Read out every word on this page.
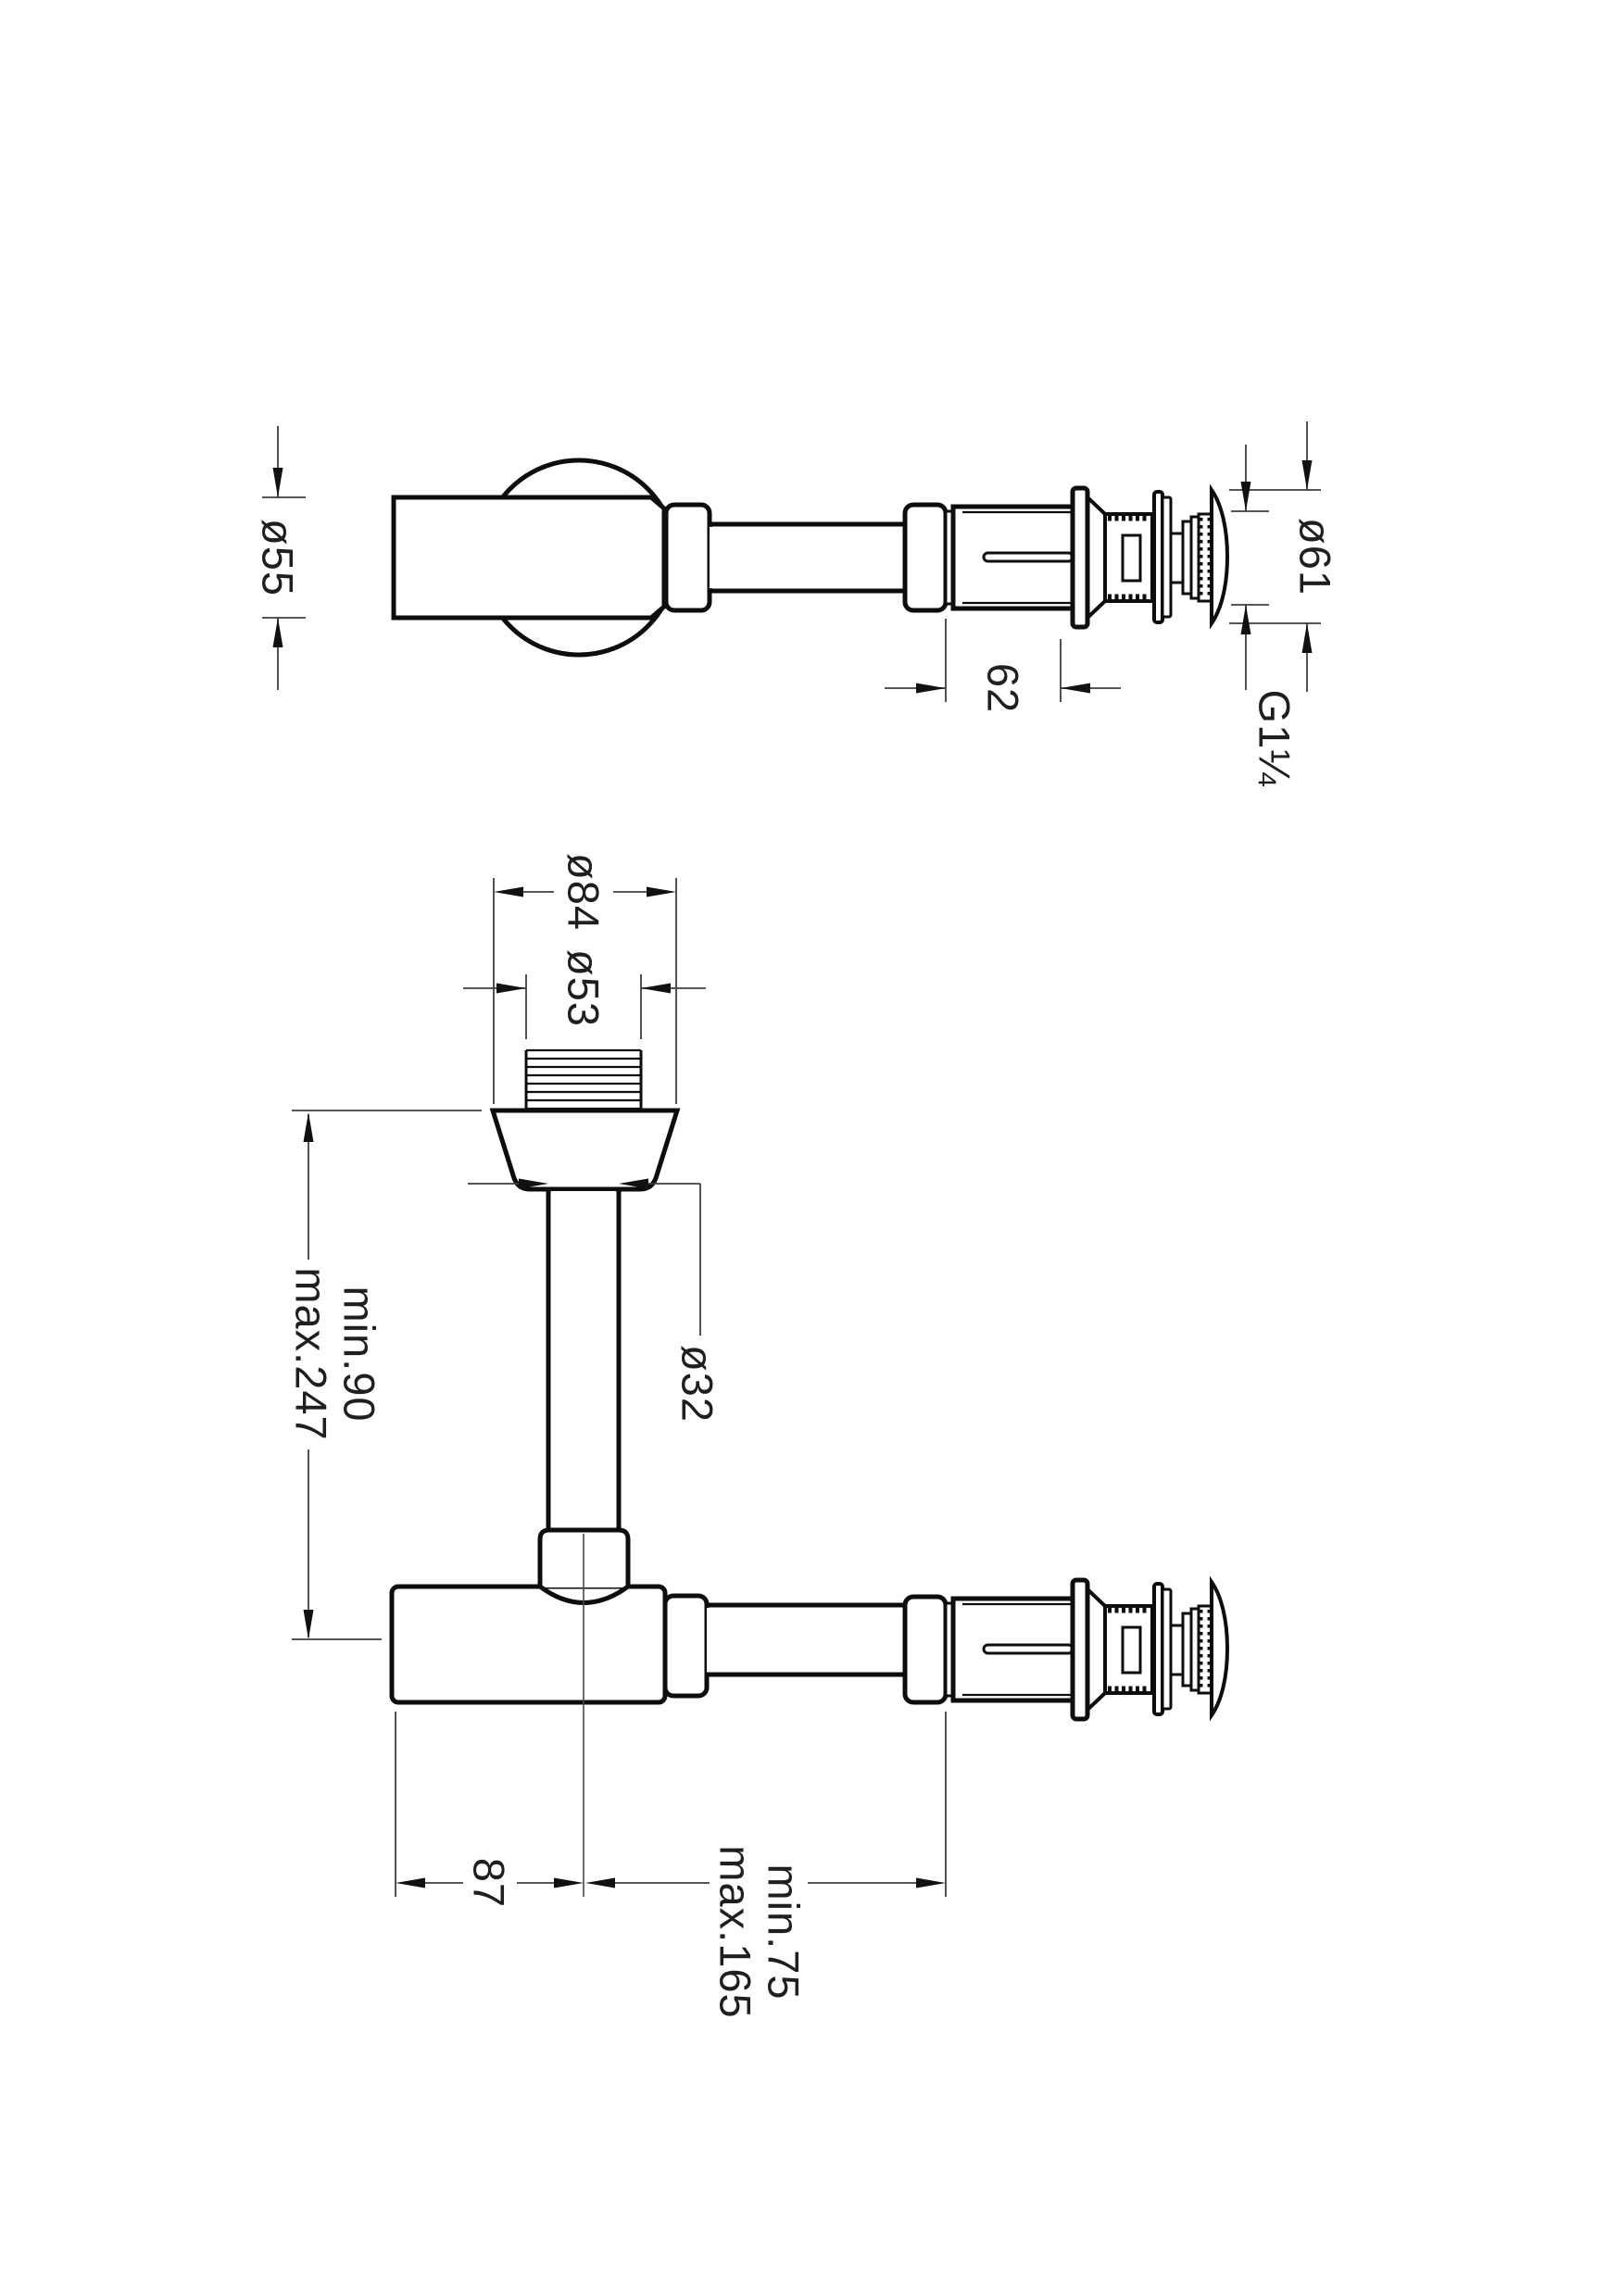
ø55	ø61
G1¼
62
ø84
ø53
ø32
min.90
max.247
87	min.75
max.165
